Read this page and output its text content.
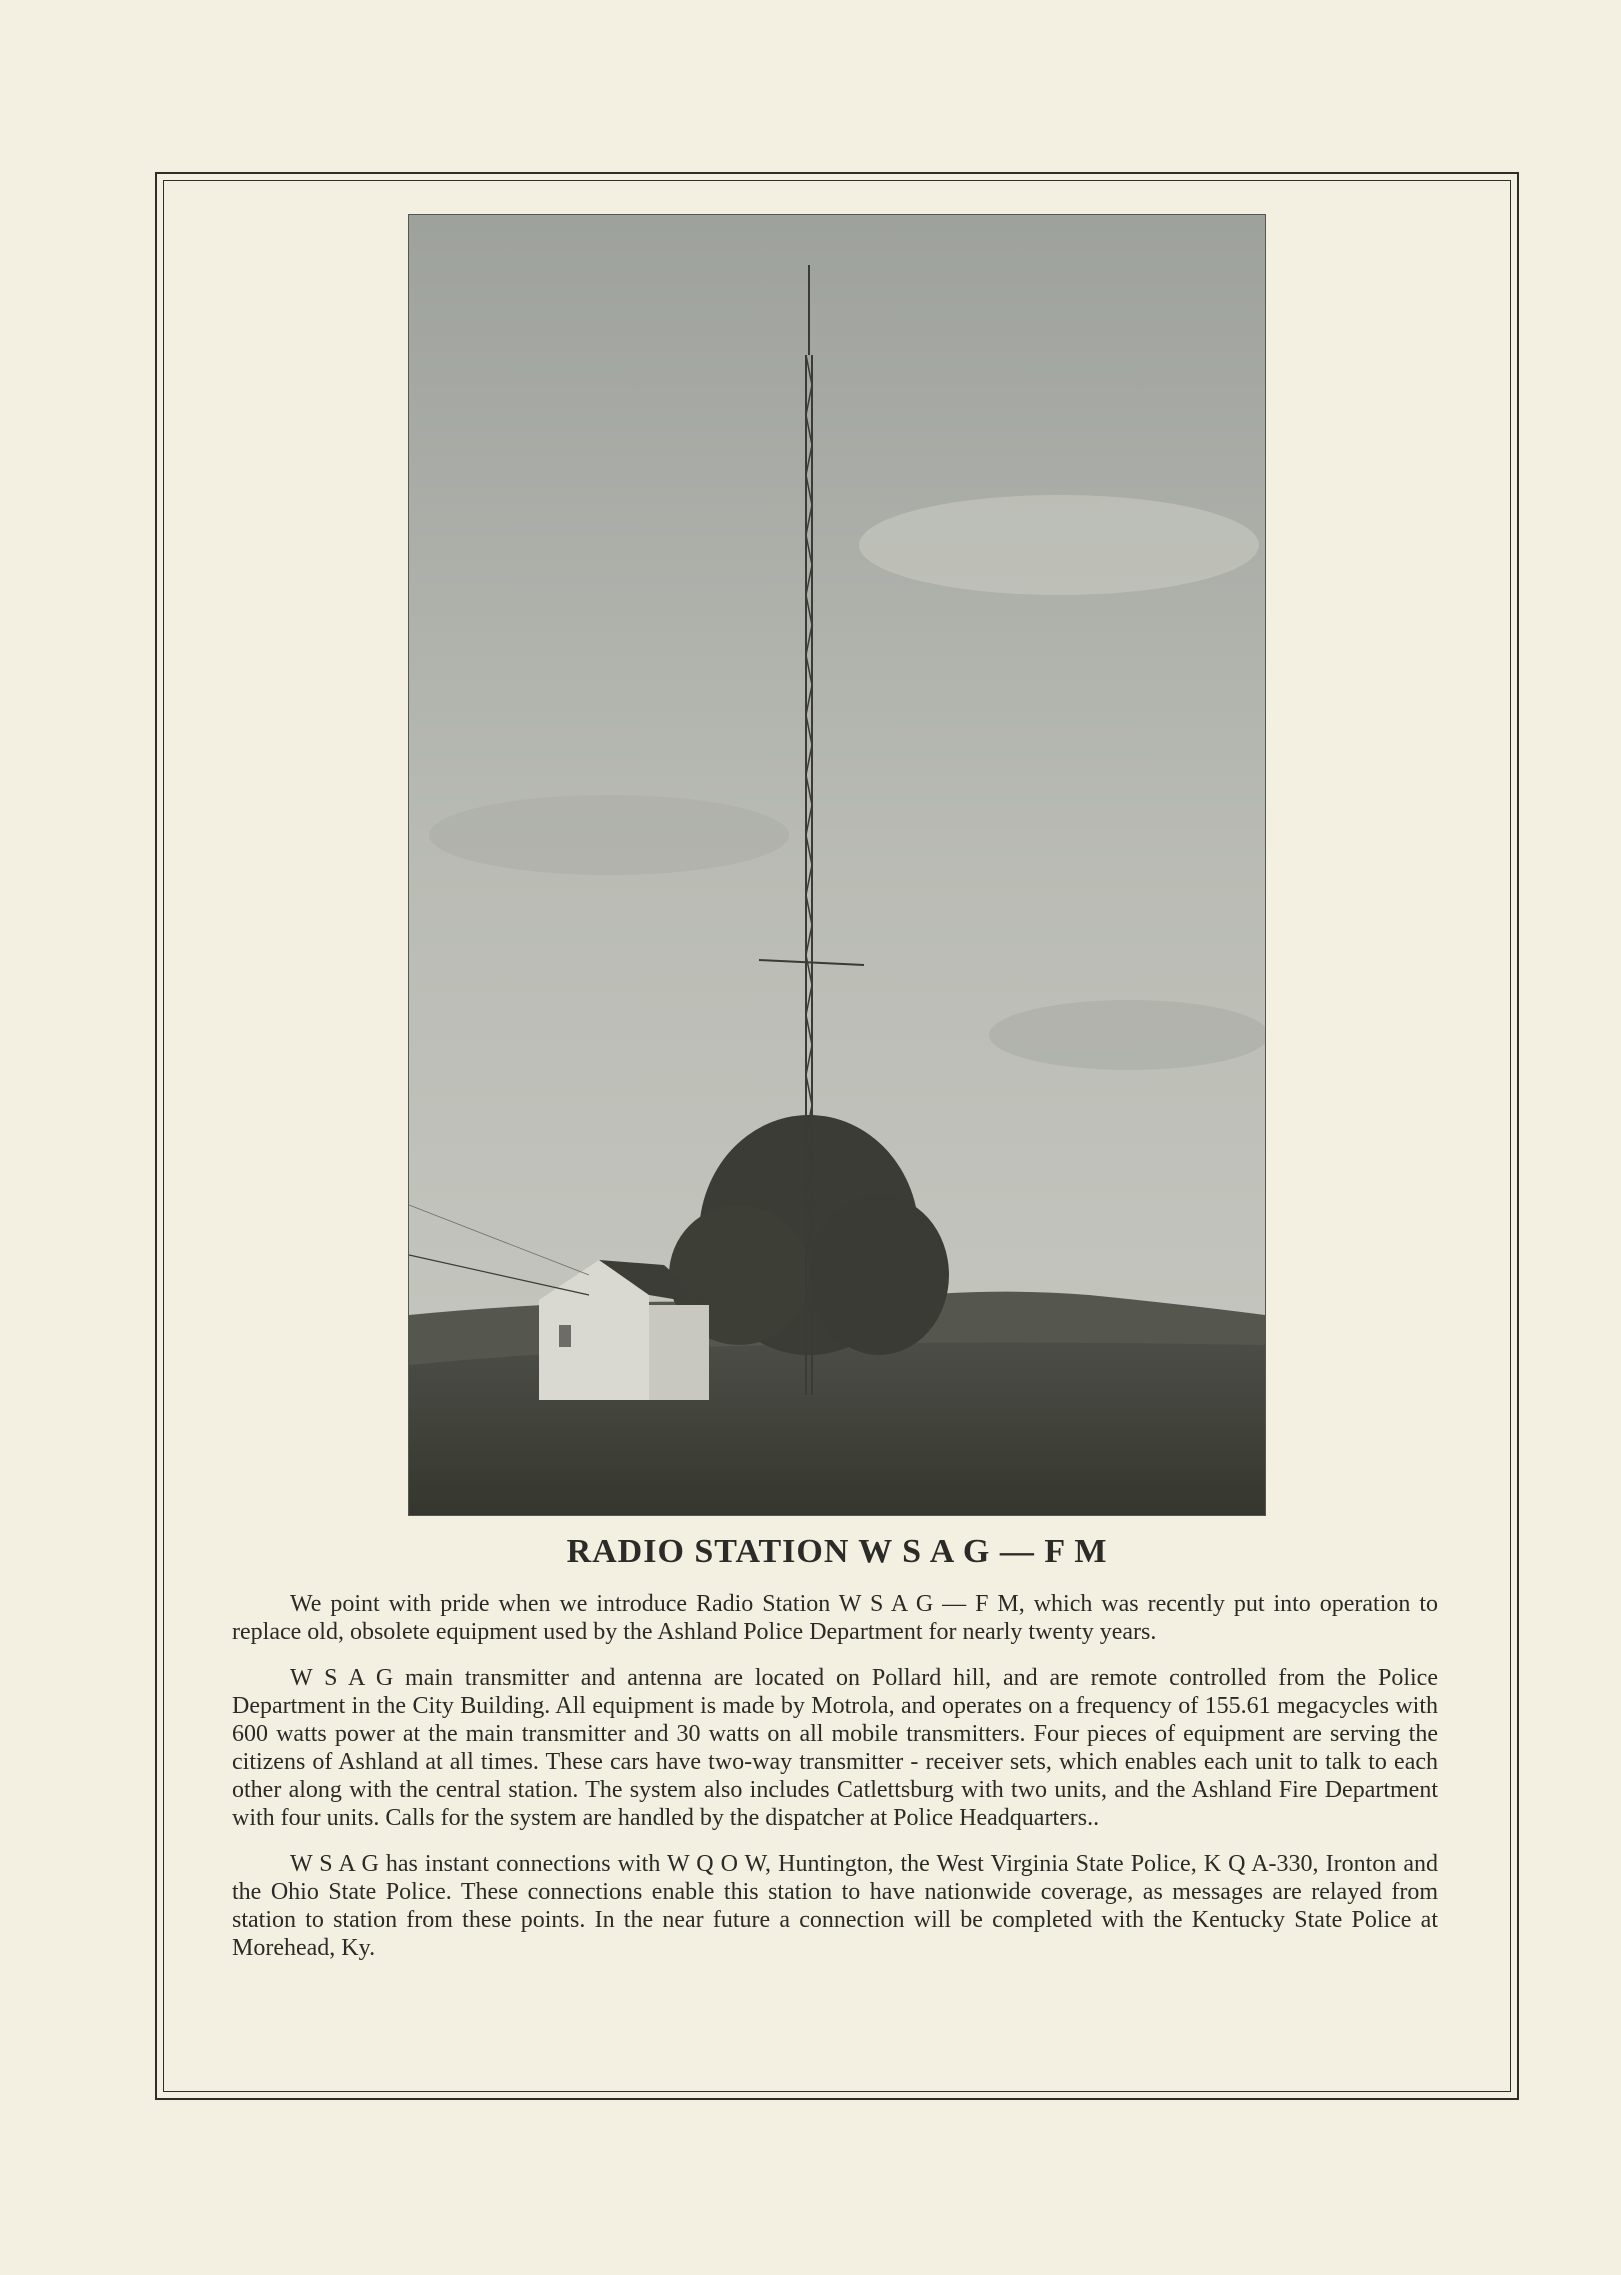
RADIO STATION W S A G — F M

We point with pride when we introduce Radio Station W S A G — F M, which was recently put into operation to replace old, obsolete equipment used by the Ashland Police Department for nearly twenty years.

W S A G main transmitter and antenna are located on Pollard hill, and are remote controlled from the Police Department in the City Building. All equipment is made by Motrola, and operates on a frequency of 155.61 megacycles with 600 watts power at the main transmitter and 30 watts on all mobile transmitters. Four pieces of equipment are serving the citizens of Ashland at all times. These cars have two-way transmitter - receiver sets, which enables each unit to talk to each other along with the central station. The system also includes Catlettsburg with two units, and the Ashland Fire Department with four units. Calls for the system are handled by the dispatcher at Police Headquarters..

W S A G has instant connections with W Q O W, Huntington, the West Virginia State Police, K Q A-330, Ironton and the Ohio State Police. These connections enable this station to have nationwide coverage, as messages are relayed from station to station from these points. In the near future a connection will be completed with the Kentucky State Police at Morehead, Ky.
